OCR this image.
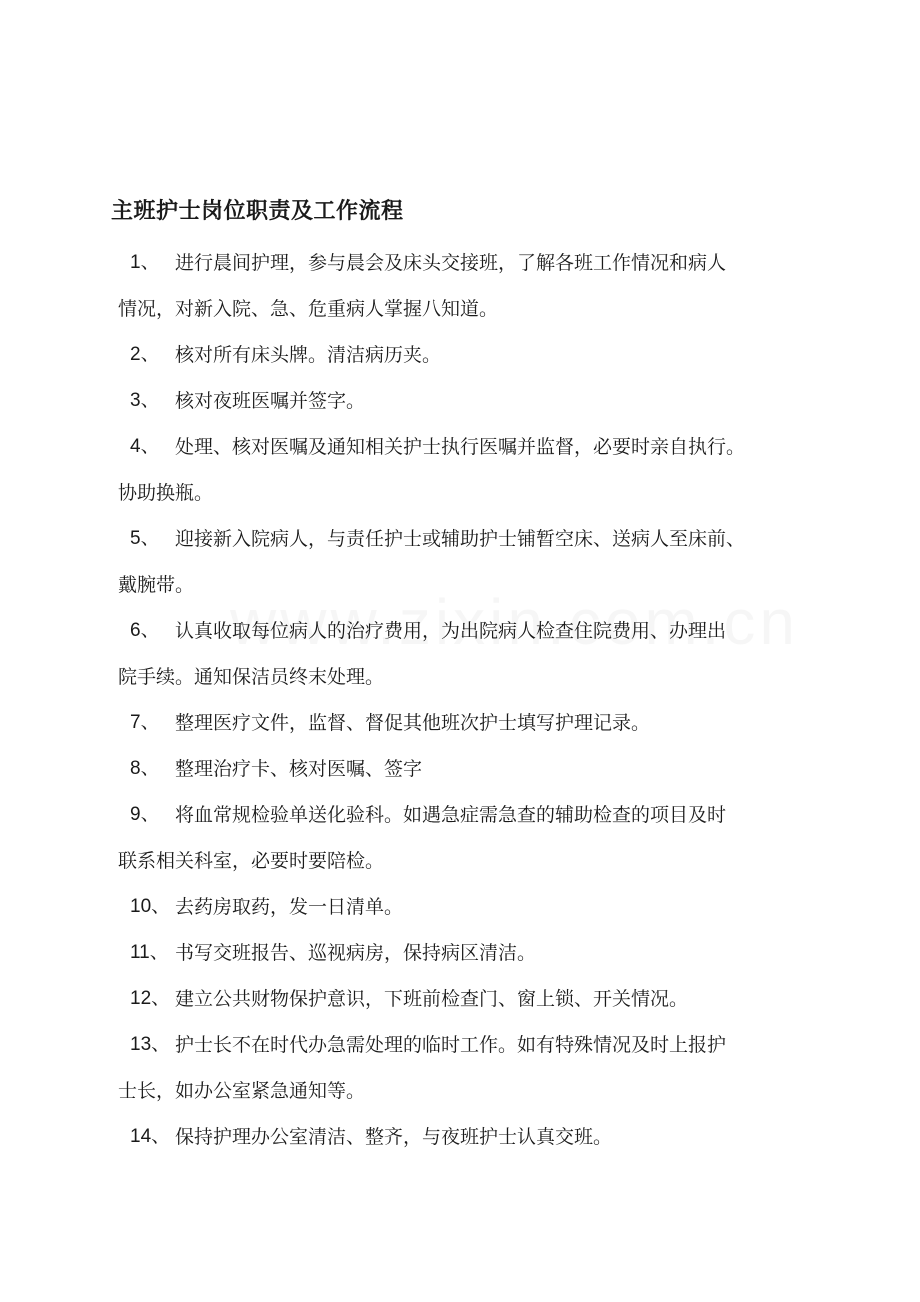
主班护士岗位职责及工作流程
1、 进行晨间护理，参与晨会及床头交接班，了解各班工作情况和病人
情况，对新入院、急、危重病人掌握八知道。
2、 核对所有床头牌。清洁病历夹。
3、 核对夜班医嘱并签字。
4、 处理、核对医嘱及通知相关护士执行医嘱并监督，必要时亲自执行。
协助换瓶。
5、 迎接新入院病人，与责任护士或辅助护士铺暂空床、送病人至床前、
戴腕带。
6、 认真收取每位病人的治疗费用，为出院病人检查住院费用、办理出
院手续。通知保洁员终末处理。
7、 整理医疗文件，监督、督促其他班次护士填写护理记录。
8、 整理治疗卡、核对医嘱、签字
9、 将血常规检验单送化验科。如遇急症需急查的辅助检查的项目及时
联系相关科室，必要时要陪检。
10、 去药房取药，发一日清单。
11、 书写交班报告、巡视病房，保持病区清洁。
12、 建立公共财物保护意识，下班前检查门、窗上锁、开关情况。
13、 护士长不在时代办急需处理的临时工作。如有特殊情况及时上报护
士长，如办公室紧急通知等。
14、 保持护理办公室清洁、整齐，与夜班护士认真交班。
